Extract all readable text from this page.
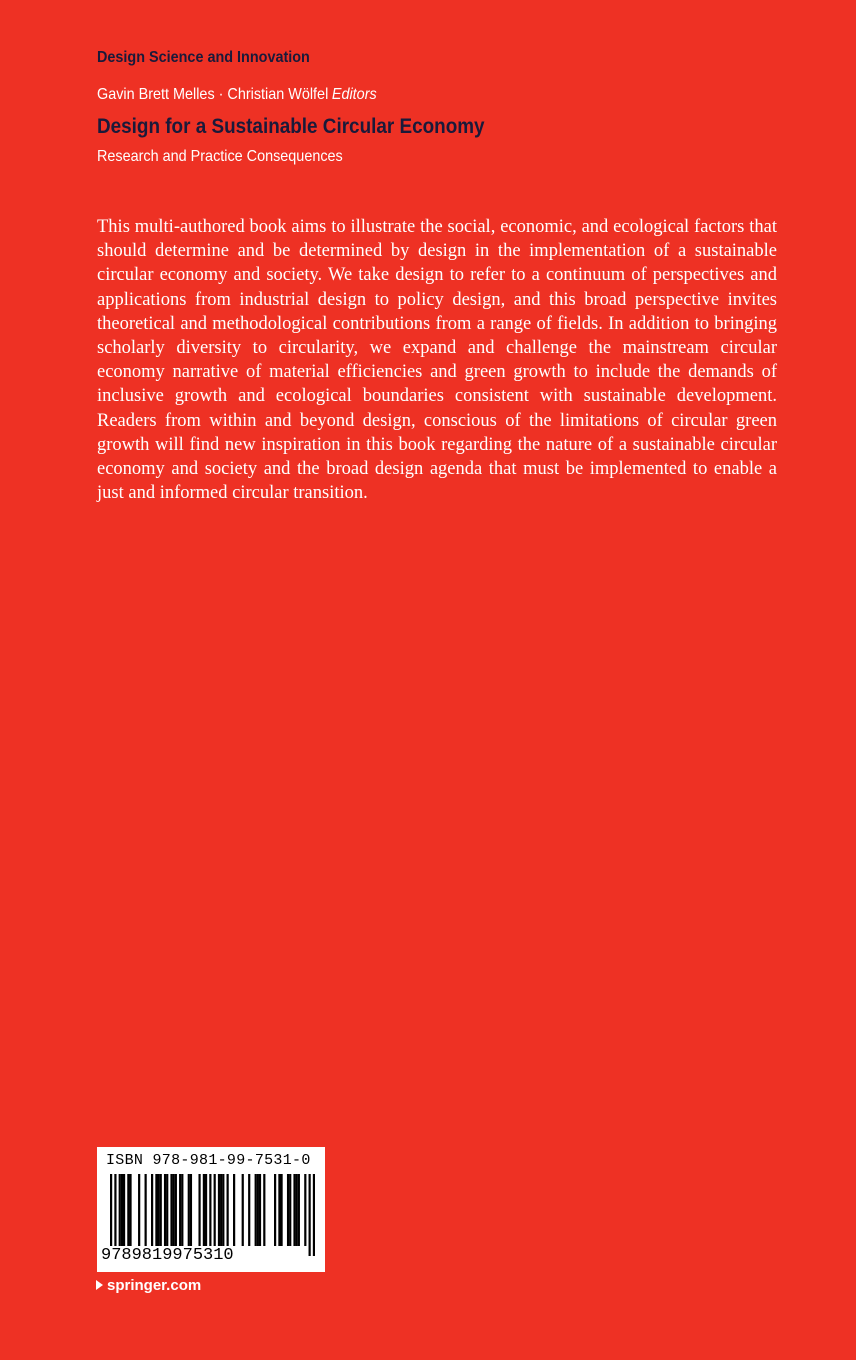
Design Science and Innovation
Gavin Brett Melles · Christian Wölfel Editors
Design for a Sustainable Circular Economy
Research and Practice Consequences

This multi-authored book aims to illustrate the social, economic, and ecological factors that should determine and be determined by design in the implementation of a sustainable circular economy and society. We take design to refer to a continuum of perspectives and applications from industrial design to policy design, and this broad perspective invites theoretical and methodological contributions from a range of fields. In addition to bringing scholarly diversity to circularity, we expand and challenge the mainstream circular economy narrative of material efficiencies and green growth to include the demands of inclusive growth and ecological boundaries consistent with sustainable development. Readers from within and beyond design, conscious of the limitations of circular green growth will find new inspiration in this book regarding the nature of a sustainable circular economy and society and the broad design agenda that must be implemented to enable a just and informed circular transition.

ISBN 978-981-99-7531-0
9789819975310
springer.com
